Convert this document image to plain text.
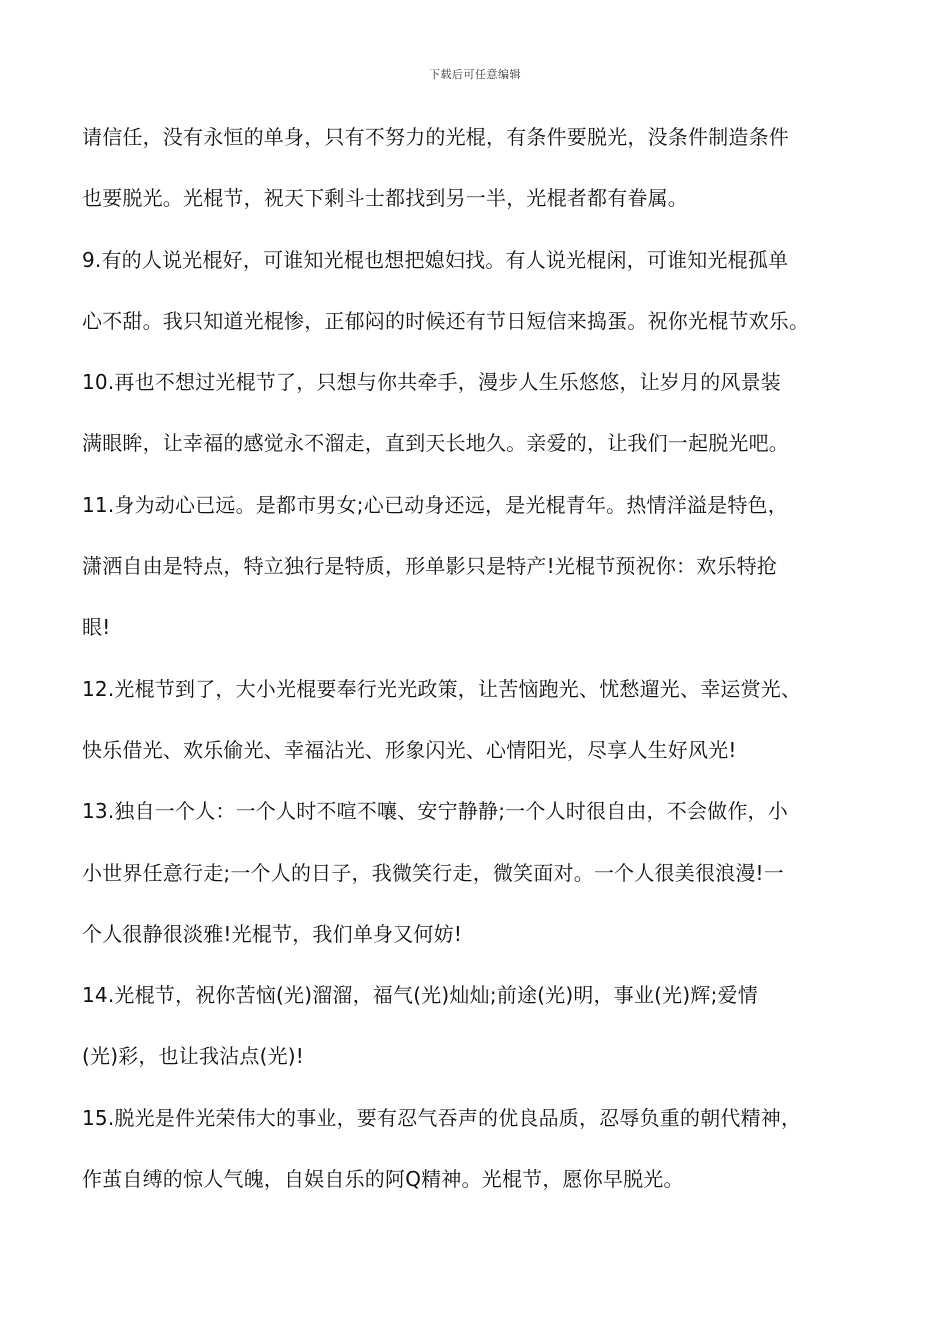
下载后可任意编辑
请信任，没有永恒的单身，只有不努力的光棍，有条件要脱光，没条件制造条件
也要脱光。光棍节，祝天下剩斗士都找到另一半，光棍者都有眷属。
9.有的人说光棍好，可谁知光棍也想把媳妇找。有人说光棍闲，可谁知光棍孤单
心不甜。我只知道光棍惨，正郁闷的时候还有节日短信来捣蛋。祝你光棍节欢乐。
10.再也不想过光棍节了，只想与你共牵手，漫步人生乐悠悠，让岁月的风景装
满眼眸，让幸福的感觉永不溜走，直到天长地久。亲爱的，让我们一起脱光吧。
11.身为动心已远。是都市男女;心已动身还远，是光棍青年。热情洋溢是特色，
潇洒自由是特点，特立独行是特质，形单影只是特产!光棍节预祝你：欢乐特抢
眼!
12.光棍节到了，大小光棍要奉行光光政策，让苦恼跑光、忧愁遛光、幸运赏光、
快乐借光、欢乐偷光、幸福沾光、形象闪光、心情阳光，尽享人生好风光!
13.独自一个人：一个人时不喧不嚷、安宁静静;一个人时很自由，不会做作，小
小世界任意行走;一个人的日子，我微笑行走，微笑面对。一个人很美很浪漫!一
个人很静很淡雅!光棍节，我们单身又何妨!
14.光棍节，祝你苦恼(光)溜溜，福气(光)灿灿;前途(光)明，事业(光)辉;爱情
(光)彩，也让我沾点(光)!
15.脱光是件光荣伟大的事业，要有忍气吞声的优良品质，忍辱负重的朝代精神，
作茧自缚的惊人气魄，自娱自乐的阿Q精神。光棍节，愿你早脱光。
